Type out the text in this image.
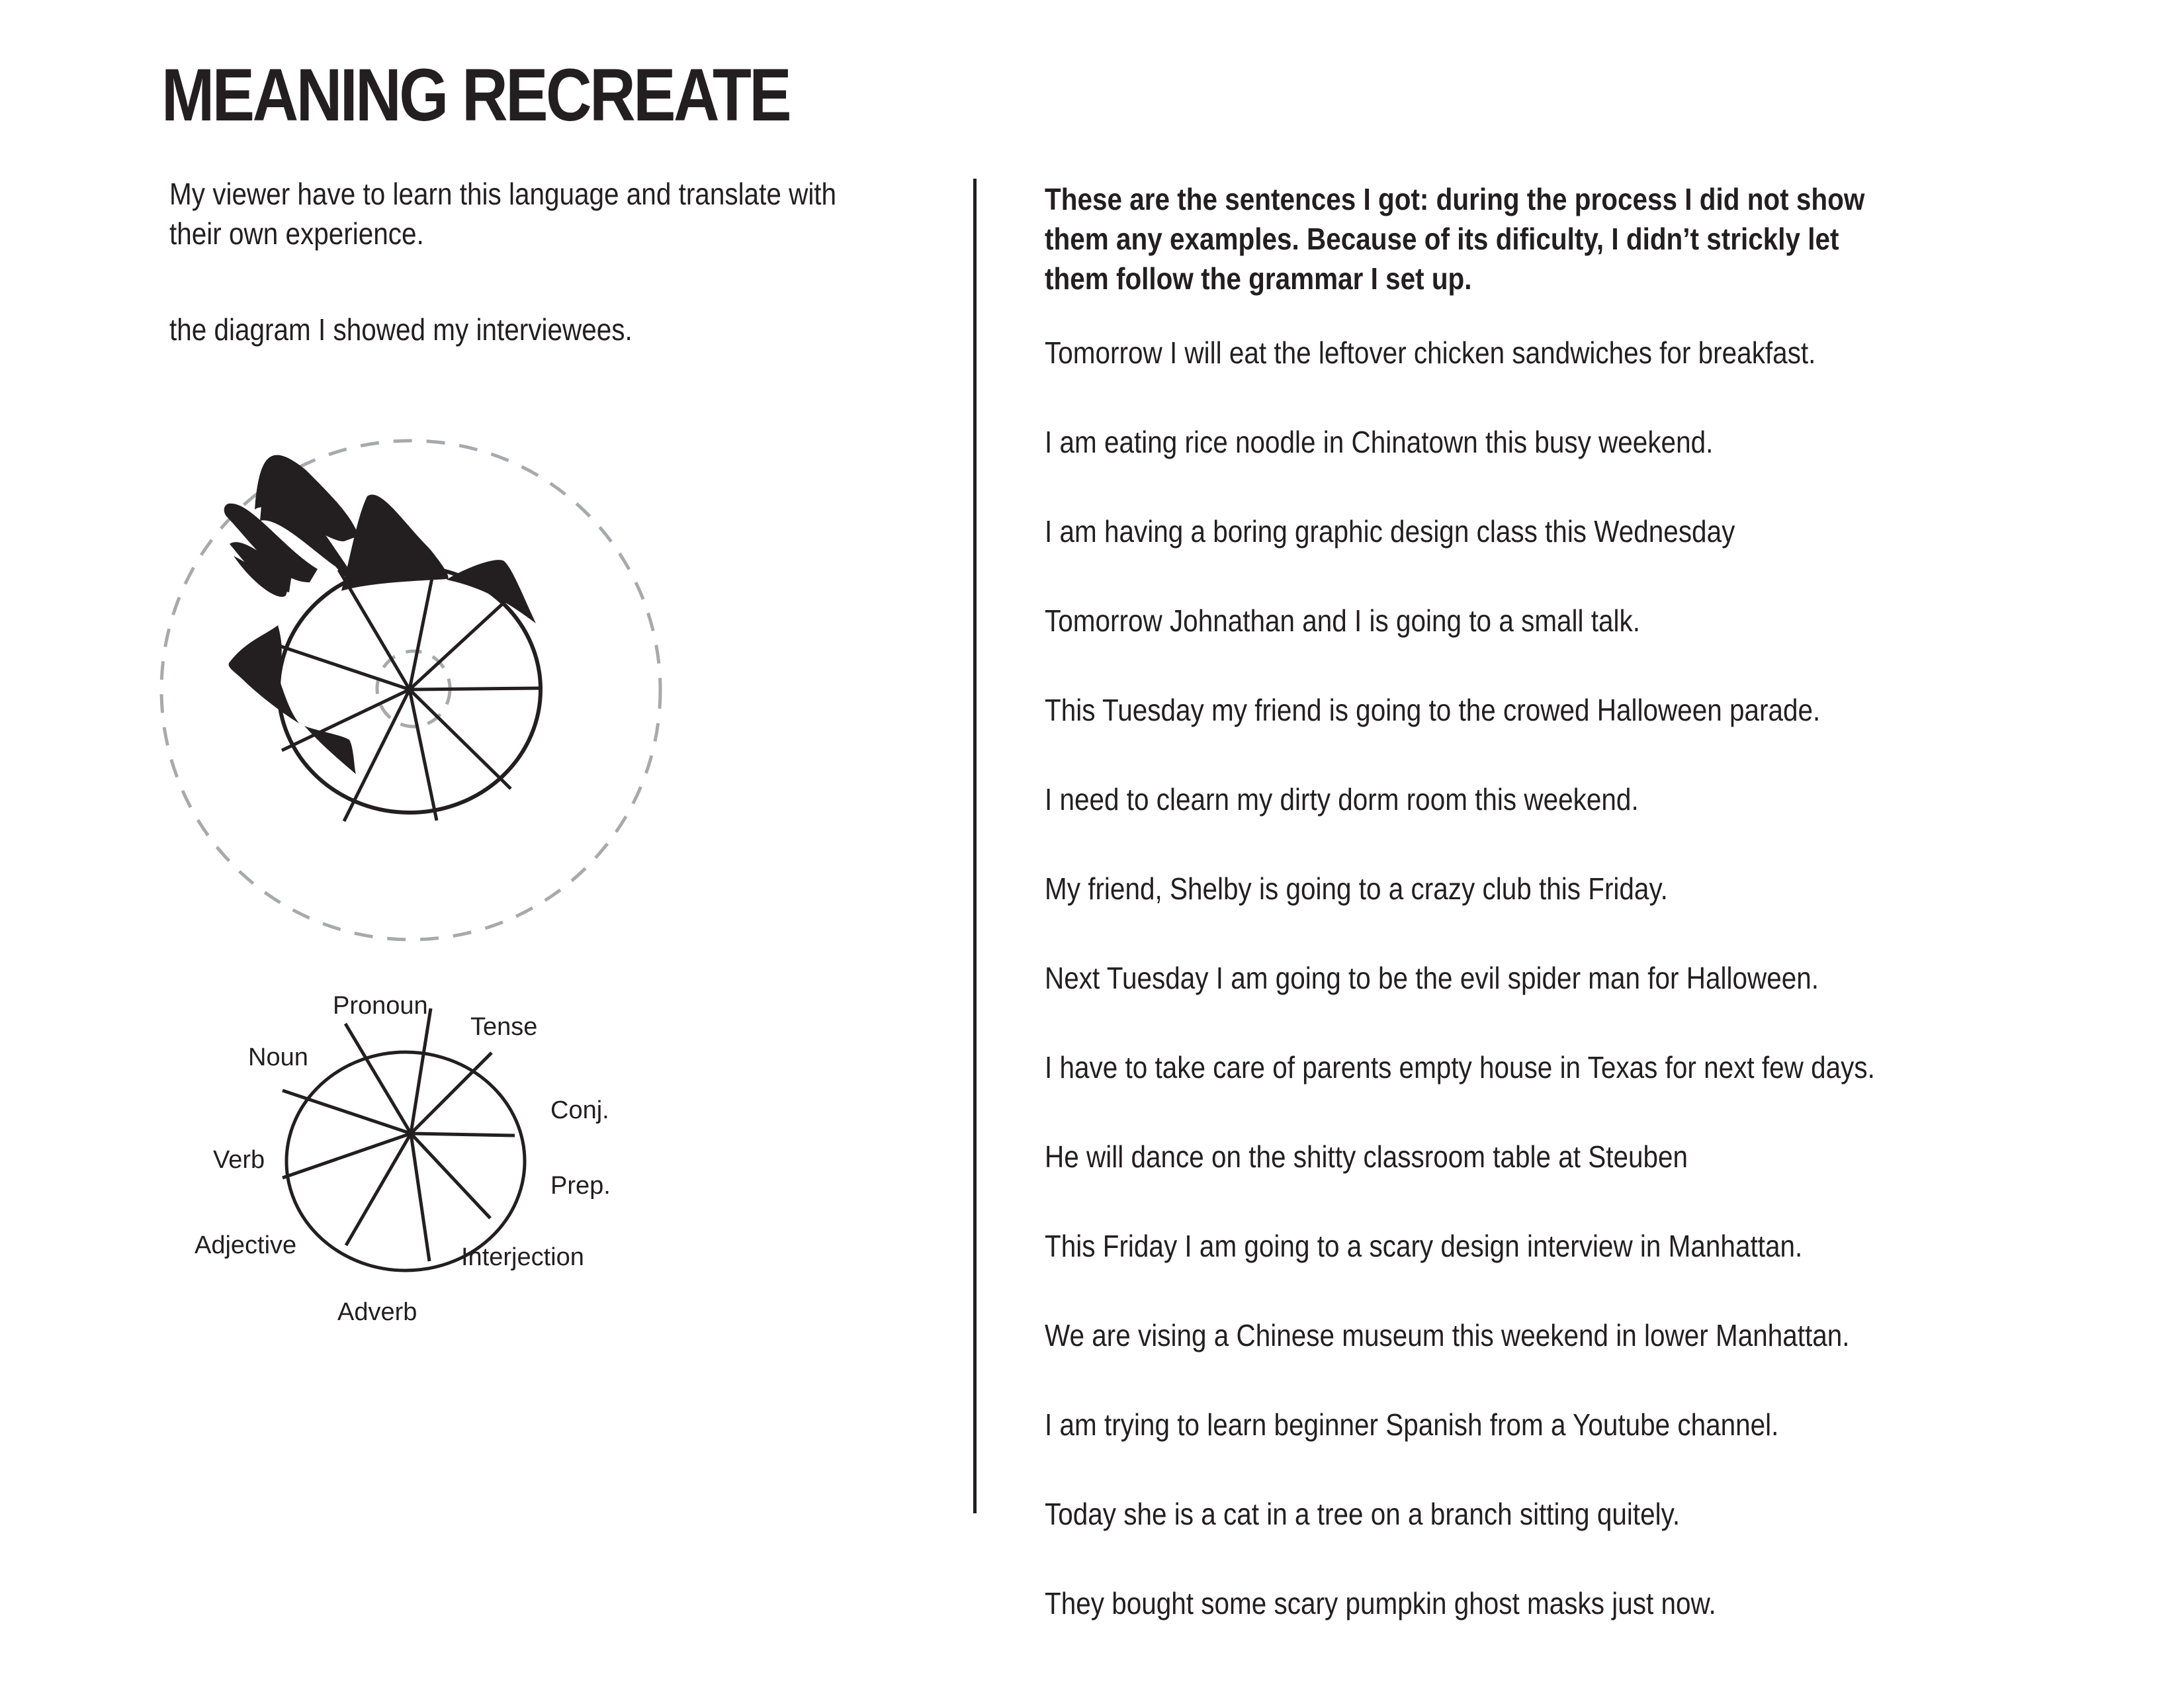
MEANING RECREATE

My viewer have to learn this language and translate with

their own experience.

the diagram I showed my interviewees.

Pronoun
Tense
Conj.
Prep.
Interjection
Adverb
Adjective
Verb
Noun

These are the sentences I got: during the process I did not show

them any examples. Because of its dificulty, I didn’t strickly let

them follow the grammar I set up.

Tomorrow I will eat the leftover chicken sandwiches for breakfast.

I am eating rice noodle in Chinatown this busy weekend.

I am having a boring graphic design class this Wednesday

Tomorrow Johnathan and I is going to a small talk.

This Tuesday my friend is going to the crowed Halloween parade.

I need to clearn my dirty dorm room this weekend.

My friend, Shelby is going to a crazy club this Friday.

Next Tuesday I am going to be the evil spider man for Halloween.

I have to take care of parents empty house in Texas for next few days.

He will dance on the shitty classroom table at Steuben

This Friday I am going to a scary design interview in Manhattan.

We are vising a Chinese museum this weekend in lower Manhattan.

I am trying to learn beginner Spanish from a Youtube channel.

Today she is a cat in a tree on a branch sitting quitely.

They bought some scary pumpkin ghost masks just now.
